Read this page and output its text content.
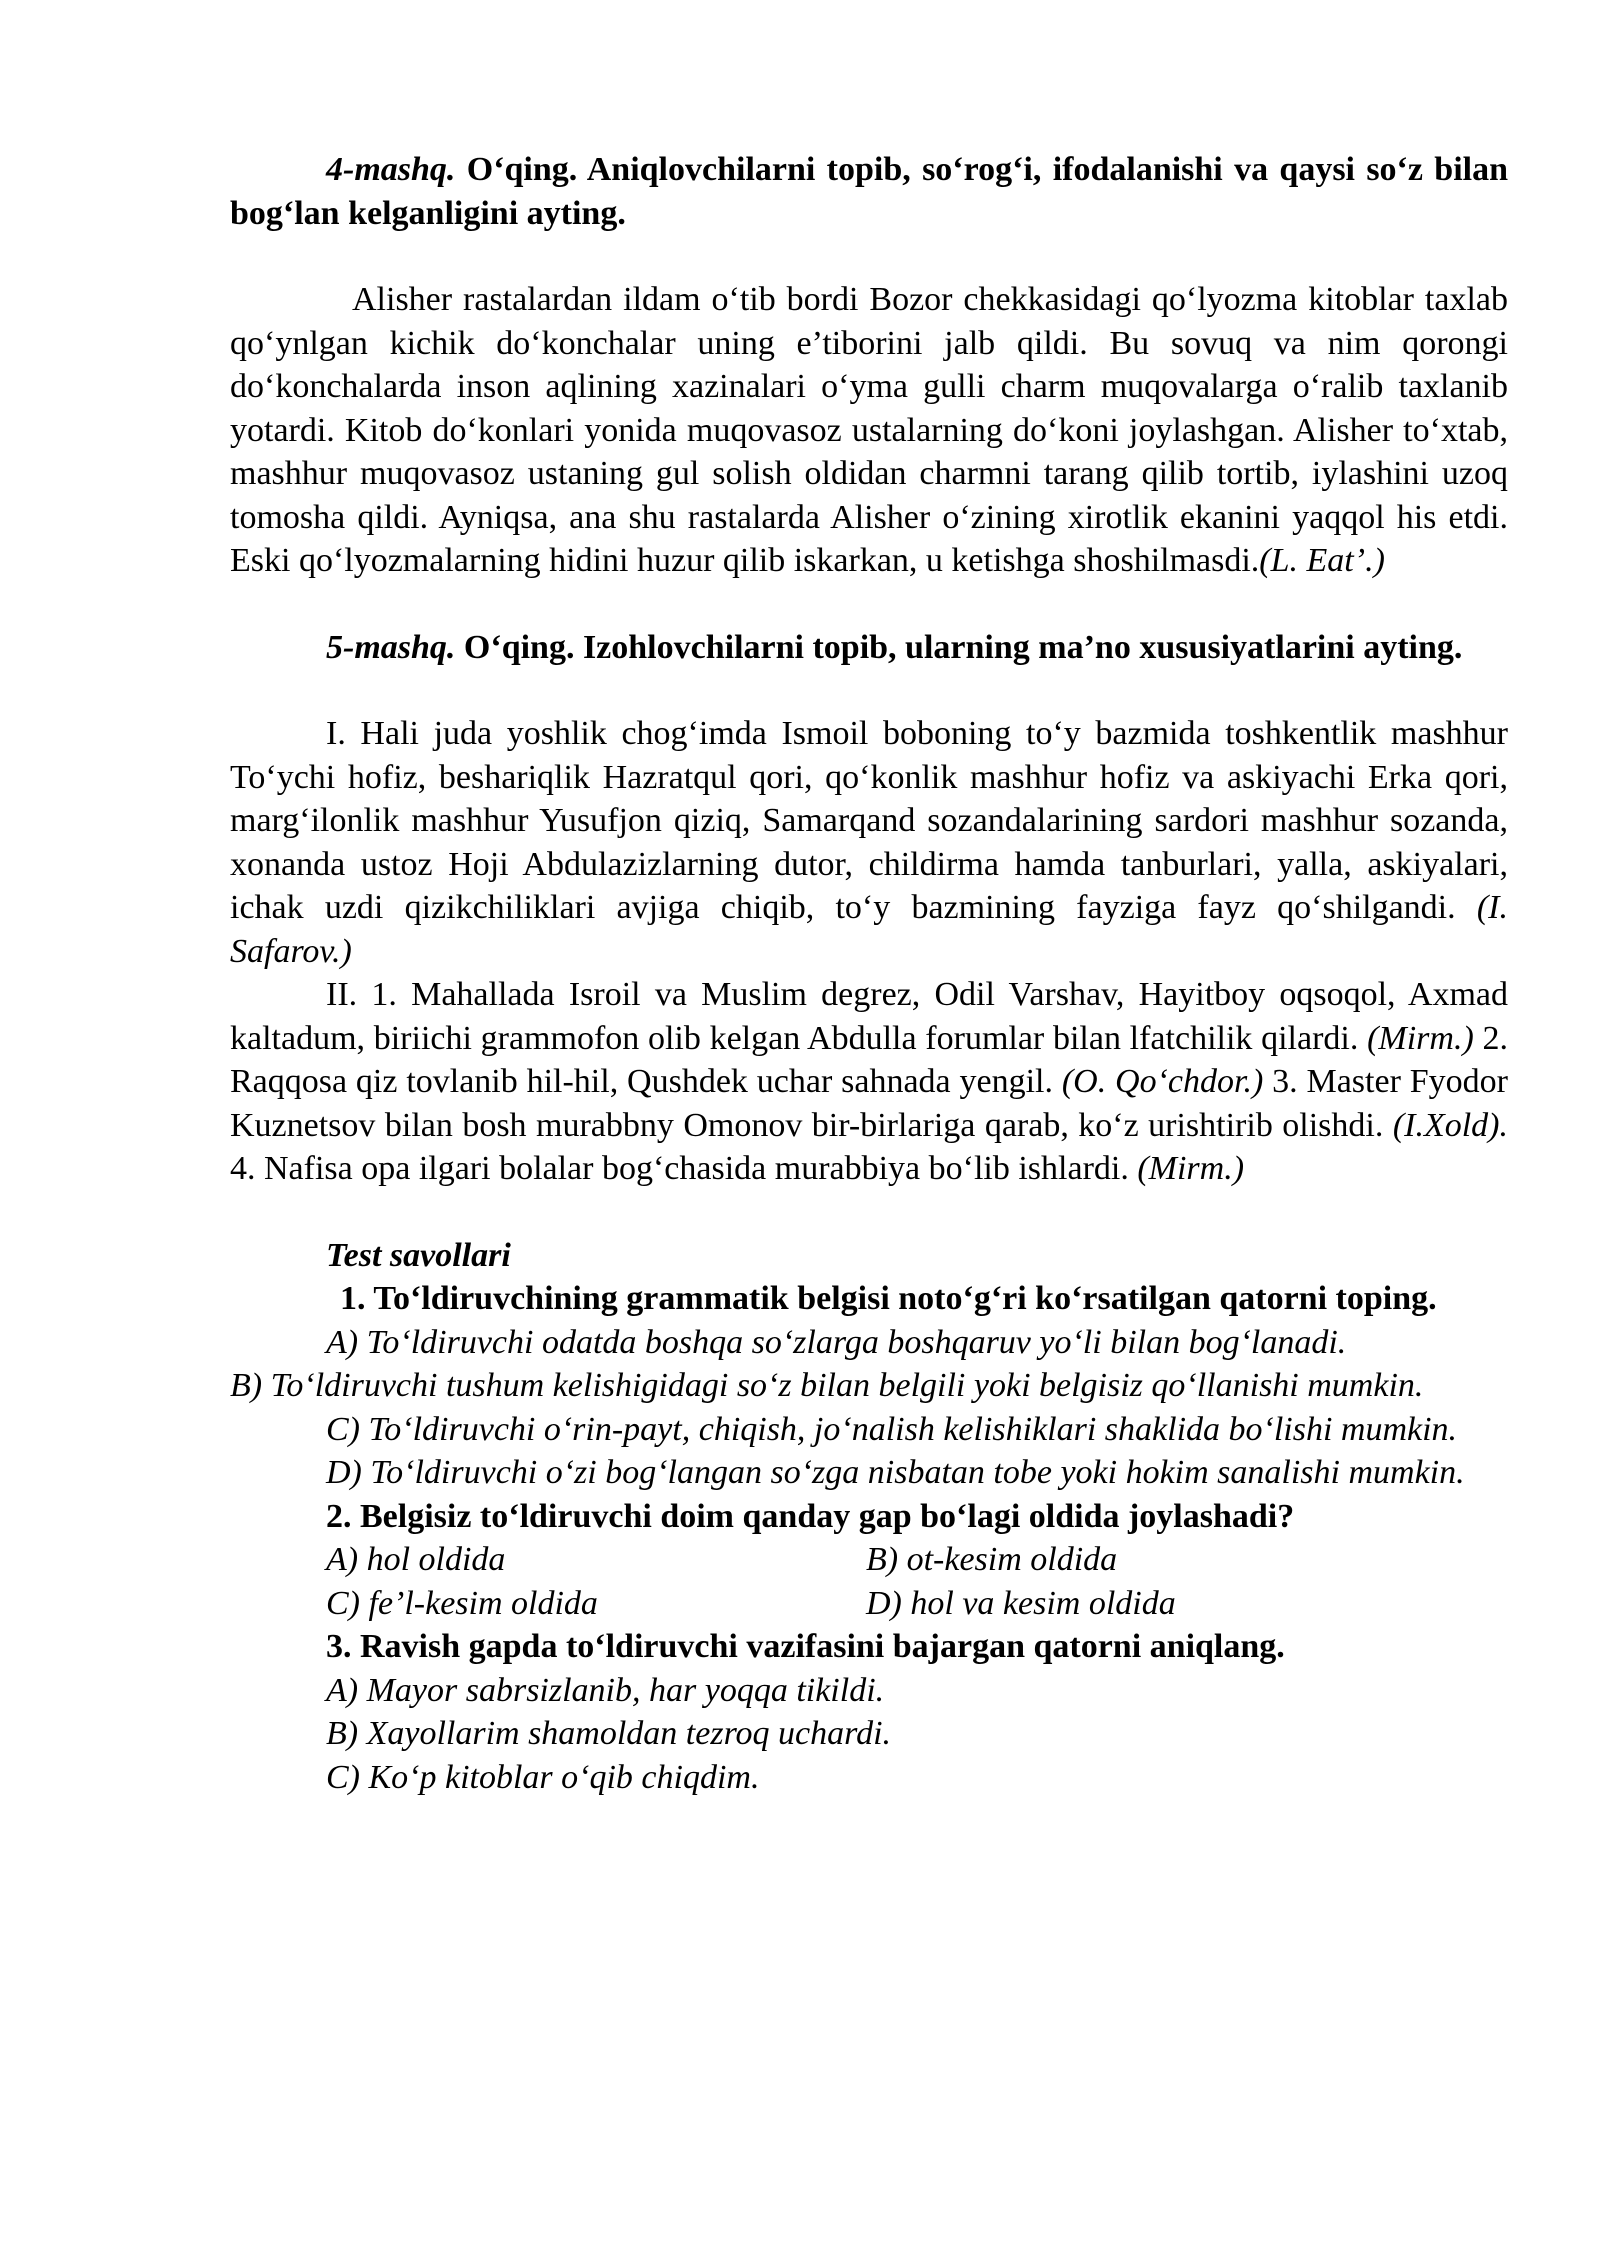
4-mashq. O‘qing. Aniqlovchilarni topib, so‘rog‘i, ifodalanishi va qaysi so‘z bilan bog‘lan kelganligini ayting.

Alisher rastalardan ildam o‘tib bordi Bozor chekkasidagi qo‘lyozma kitoblar taxlab qo‘ynlgan kichik do‘konchalar uning e’tiborini jalb qildi. Bu sovuq va nim qorongi do‘konchalarda inson aqlining xazinalari o‘yma gulli charm muqovalarga o‘ralib taxlanib yotardi. Kitob do‘konlari yonida muqovasoz ustalarning do‘koni joylashgan. Alisher to‘xtab, mashhur muqovasoz ustaning gul solish oldidan charmni tarang qilib tortib, iylashini uzoq tomosha qildi. Ayniqsa, ana shu rastalarda Alisher o‘zining xirotlik ekanini yaqqol his etdi. Eski qo‘lyozmalarning hidini huzur qilib iskarkan, u ketishga shoshilmasdi.(L. Eat’.)

5-mashq. O‘qing. Izohlovchilarni topib, ularning ma’no xususiyatlarini ayting.

I. Hali juda yoshlik chog‘imda Ismoil boboning to‘y bazmida toshkentlik mashhur To‘ychi hofiz, beshariqlik Hazratqul qori, qo‘konlik mashhur hofiz va askiyachi Erka qori, marg‘ilonlik mashhur Yusufjon qiziq, Samarqand sozandalarining sardori mashhur sozanda, xonanda ustoz Hoji Abdulazizlarning dutor, childirma hamda tanburlari, yalla, askiyalari, ichak uzdi qizikchiliklari avjiga chiqib, to‘y bazmining fayziga fayz qo‘shilgandi. (I. Safarov.)

II. 1. Mahallada Isroil va Muslim degrez, Odil Varshav, Hayitboy oqsoqol, Axmad kaltadum, biriichi grammofon olib kelgan Abdulla forumlar bilan lfatchilik qilardi. (Mirm.) 2. Raqqosa qiz tovlanib hil-hil, Qushdek uchar sahnada yengil. (O. Qo‘chdor.) 3. Master Fyodor Kuznetsov bilan bosh murabbny Omonov bir-birlariga qarab, ko‘z urishtirib olishdi. (I.Xold). 4. Nafisa opa ilgari bolalar bog‘chasida murabbiya bo‘lib ishlardi. (Mirm.)

Test savollari

1. To‘ldiruvchining grammatik belgisi noto‘g‘ri ko‘rsatilgan qatorni toping.

A) To‘ldiruvchi odatda boshqa so‘zlarga boshqaruv yo‘li bilan bog‘lanadi.

B) To‘ldiruvchi tushum kelishigidagi so‘z bilan belgili yoki belgisiz qo‘llanishi mumkin.

C) To‘ldiruvchi o‘rin-payt, chiqish, jo‘nalish kelishiklari shaklida bo‘lishi mumkin.

D) To‘ldiruvchi o‘zi bog‘langan so‘zga nisbatan tobe yoki hokim sanalishi mumkin.

2. Belgisiz to‘ldiruvchi doim qanday gap bo‘lagi oldida joylashadi?

A) hol oldida	B) ot-kesim oldida
C) fe’l-kesim oldida	D) hol va kesim oldida

3. Ravish gapda to‘ldiruvchi vazifasini bajargan qatorni aniqlang.

A) Mayor sabrsizlanib, har yoqqa tikildi.

B) Xayollarim shamoldan tezroq uchardi.

C) Ko‘p kitoblar o‘qib chiqdim.
